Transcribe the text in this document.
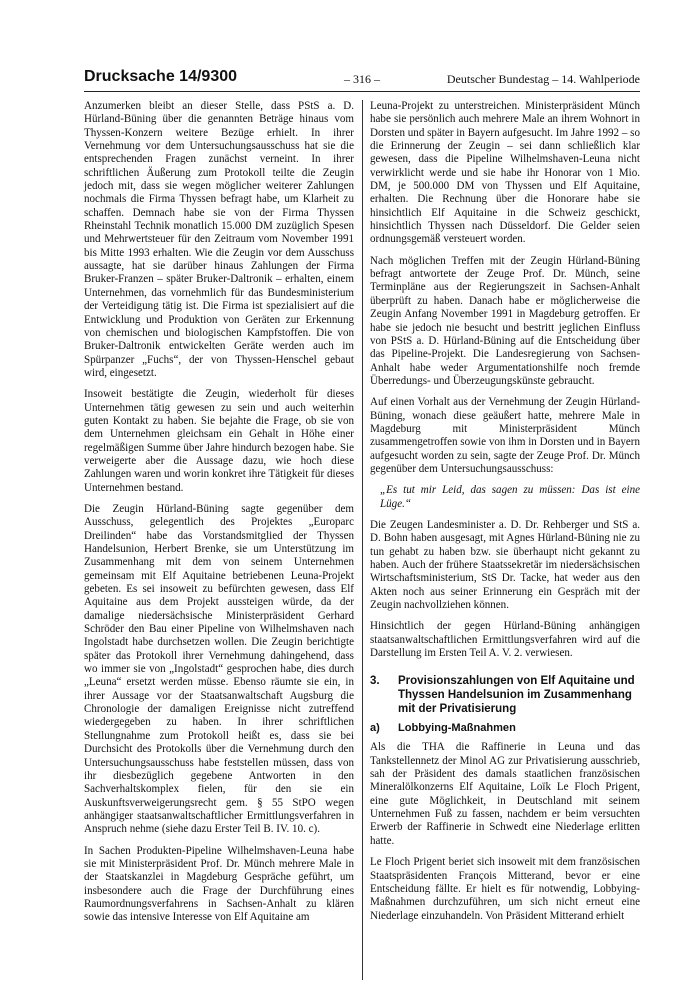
Drucksache 14/9300	– 316 –	Deutscher Bundestag – 14. Wahlperiode

Anzumerken bleibt an dieser Stelle, dass PStS a. D. Hürland-Büning über die genannten Beträge hinaus vom Thyssen-Konzern weitere Bezüge erhielt. In ihrer Vernehmung vor dem Untersuchungsausschuss hat sie die entsprechenden Fragen zunächst verneint. In ihrer schriftlichen Äußerung zum Protokoll teilte die Zeugin jedoch mit, dass sie wegen möglicher weiterer Zahlungen nochmals die Firma Thyssen befragt habe, um Klarheit zu schaffen. Demnach habe sie von der Firma Thyssen Rheinstahl Technik monatlich 15.000 DM zuzüglich Spesen und Mehrwertsteuer für den Zeitraum vom November 1991 bis Mitte 1993 erhalten. Wie die Zeugin vor dem Ausschuss aussagte, hat sie darüber hinaus Zahlungen der Firma Bruker-Franzen – später Bruker-Daltronik – erhalten, einem Unternehmen, das vornehmlich für das Bundesministerium der Verteidigung tätig ist. Die Firma ist spezialisiert auf die Entwicklung und Produktion von Geräten zur Erkennung von chemischen und biologischen Kampfstoffen. Die von Bruker-Daltronik entwickelten Geräte werden auch im Spürpanzer „Fuchs“, der von Thyssen-Henschel gebaut wird, eingesetzt.

Insoweit bestätigte die Zeugin, wiederholt für dieses Unternehmen tätig gewesen zu sein und auch weiterhin guten Kontakt zu haben. Sie bejahte die Frage, ob sie von dem Unternehmen gleichsam ein Gehalt in Höhe einer regelmäßigen Summe über Jahre hindurch bezogen habe. Sie verweigerte aber die Aussage dazu, wie hoch diese Zahlungen waren und worin konkret ihre Tätigkeit für dieses Unternehmen bestand.

Die Zeugin Hürland-Büning sagte gegenüber dem Ausschuss, gelegentlich des Projektes „Europarc Dreilinden“ habe das Vorstandsmitglied der Thyssen Handelsunion, Herbert Brenke, sie um Unterstützung im Zusammenhang mit dem von seinem Unternehmen gemeinsam mit Elf Aquitaine betriebenen Leuna-Projekt gebeten. Es sei insoweit zu befürchten gewesen, dass Elf Aquitaine aus dem Projekt aussteigen würde, da der damalige niedersächsische Ministerpräsident Gerhard Schröder den Bau einer Pipeline von Wilhelmshaven nach Ingolstadt habe durchsetzen wollen. Die Zeugin berichtigte später das Protokoll ihrer Vernehmung dahingehend, dass wo immer sie von „Ingolstadt“ gesprochen habe, dies durch „Leuna“ ersetzt werden müsse. Ebenso räumte sie ein, in ihrer Aussage vor der Staatsanwaltschaft Augsburg die Chronologie der damaligen Ereignisse nicht zutreffend wiedergegeben zu haben. In ihrer schriftlichen Stellungnahme zum Protokoll heißt es, dass sie bei Durchsicht des Protokolls über die Vernehmung durch den Untersuchungsausschuss habe feststellen müssen, dass von ihr diesbezüglich gegebene Antworten in den Sachverhaltskomplex fielen, für den sie ein Auskunftsverweigerungsrecht gem. § 55 StPO wegen anhängiger staatsanwaltschaftlicher Ermittlungsverfahren in Anspruch nehme (siehe dazu Erster Teil B. IV. 10. c).

In Sachen Produkten-Pipeline Wilhelmshaven-Leuna habe sie mit Ministerpräsident Prof. Dr. Münch mehrere Male in der Staatskanzlei in Magdeburg Gespräche geführt, um insbesondere auch die Frage der Durchführung eines Raumordnungsverfahrens in Sachsen-Anhalt zu klären sowie das intensive Interesse von Elf Aquitaine am

Leuna-Projekt zu unterstreichen. Ministerpräsident Münch habe sie persönlich auch mehrere Male an ihrem Wohnort in Dorsten und später in Bayern aufgesucht. Im Jahre 1992 – so die Erinnerung der Zeugin – sei dann schließlich klar gewesen, dass die Pipeline Wilhelmshaven-Leuna nicht verwirklicht werde und sie habe ihr Honorar von 1 Mio. DM, je 500.000 DM von Thyssen und Elf Aquitaine, erhalten. Die Rechnung über die Honorare habe sie hinsichtlich Elf Aquitaine in die Schweiz geschickt, hinsichtlich Thyssen nach Düsseldorf. Die Gelder seien ordnungsgemäß versteuert worden.

Nach möglichen Treffen mit der Zeugin Hürland-Büning befragt antwortete der Zeuge Prof. Dr. Münch, seine Terminpläne aus der Regierungszeit in Sachsen-Anhalt überprüft zu haben. Danach habe er möglicherweise die Zeugin Anfang November 1991 in Magdeburg getroffen. Er habe sie jedoch nie besucht und bestritt jeglichen Einfluss von PStS a. D. Hürland-Büning auf die Entscheidung über das Pipeline-Projekt. Die Landesregierung von Sachsen-Anhalt habe weder Argumentationshilfe noch fremde Überredungs- und Überzeugungskünste gebraucht.

Auf einen Vorhalt aus der Vernehmung der Zeugin Hürland-Büning, wonach diese geäußert hatte, mehrere Male in Magdeburg mit Ministerpräsident Münch zusammengetroffen sowie von ihm in Dorsten und in Bayern aufgesucht worden zu sein, sagte der Zeuge Prof. Dr. Münch gegenüber dem Untersuchungsausschuss:

„Es tut mir Leid, das sagen zu müssen: Das ist eine Lüge.“

Die Zeugen Landesminister a. D. Dr. Rehberger und StS a. D. Bohn haben ausgesagt, mit Agnes Hürland-Büning nie zu tun gehabt zu haben bzw. sie überhaupt nicht gekannt zu haben. Auch der frühere Staatssekretär im niedersächsischen Wirtschaftsministerium, StS Dr. Tacke, hat weder aus den Akten noch aus seiner Erinnerung ein Gespräch mit der Zeugin nachvollziehen können.

Hinsichtlich der gegen Hürland-Büning anhängigen staatsanwaltschaftlichen Ermittlungsverfahren wird auf die Darstellung im Ersten Teil A. V. 2. verwiesen.

3.	Provisionszahlungen von Elf Aquitaine und Thyssen Handelsunion im Zusammenhang mit der Privatisierung
a)	Lobbying-Maßnahmen

Als die THA die Raffinerie in Leuna und das Tankstellennetz der Minol AG zur Privatisierung ausschrieb, sah der Präsident des damals staatlichen französischen Mineralölkonzerns Elf Aquitaine, Loïk Le Floch Prigent, eine gute Möglichkeit, in Deutschland mit seinem Unternehmen Fuß zu fassen, nachdem er beim versuchten Erwerb der Raffinerie in Schwedt eine Niederlage erlitten hatte.

Le Floch Prigent beriet sich insoweit mit dem französischen Staatspräsidenten François Mitterand, bevor er eine Entscheidung fällte. Er hielt es für notwendig, Lobbying-Maßnahmen durchzuführen, um sich nicht erneut eine Niederlage einzuhandeln. Von Präsident Mitterand erhielt
